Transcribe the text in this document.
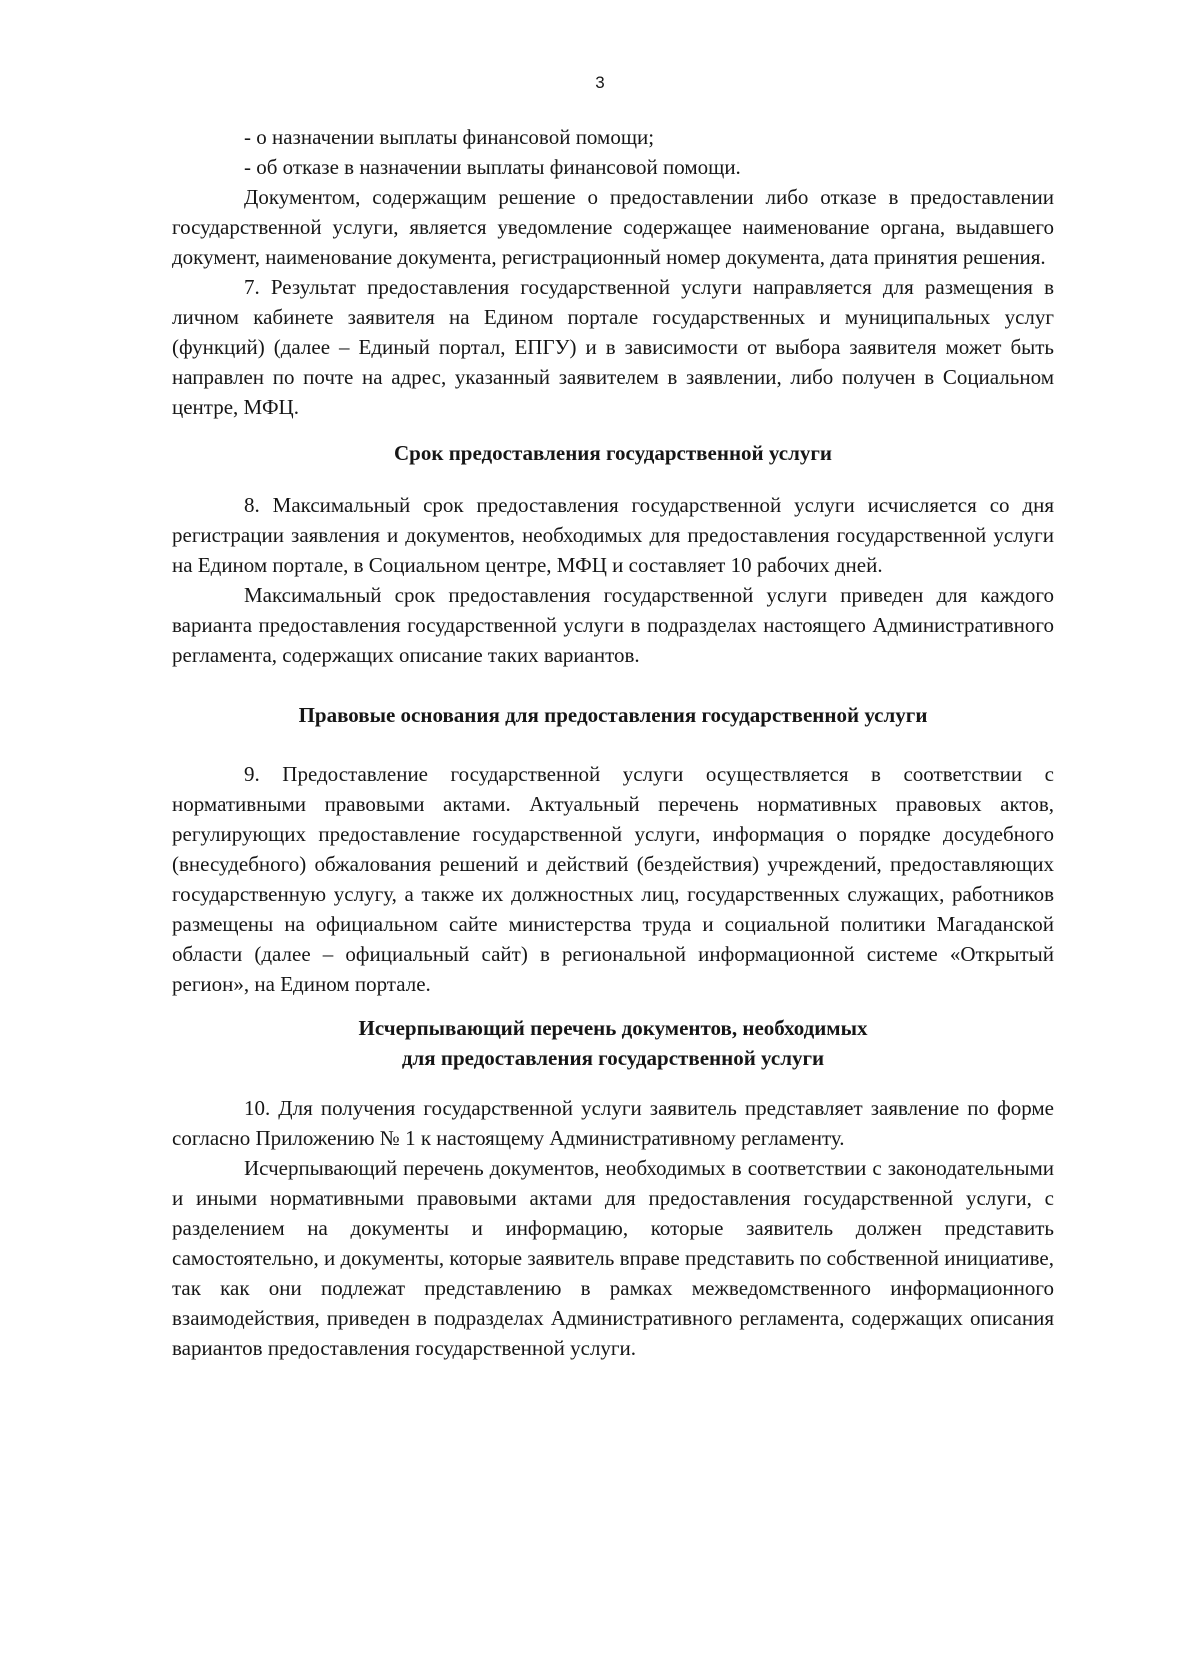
3

- о назначении выплаты финансовой помощи;

- об отказе в назначении выплаты финансовой помощи.

Документом, содержащим решение о предоставлении либо отказе в предоставлении государственной услуги, является уведомление содержащее наименование органа, выдавшего документ, наименование документа, регистрационный номер документа, дата принятия решения.

7. Результат предоставления государственной услуги направляется для размещения в личном кабинете заявителя на Едином портале государственных и муниципальных услуг (функций) (далее – Единый портал, ЕПГУ) и в зависимости от выбора заявителя может быть направлен по почте на адрес, указанный заявителем в заявлении, либо получен в Социальном центре, МФЦ.

Срок предоставления государственной услуги

8. Максимальный срок предоставления государственной услуги исчисляется со дня регистрации заявления и документов, необходимых для предоставления государственной услуги на Едином портале, в Социальном центре, МФЦ и составляет 10 рабочих дней.

Максимальный срок предоставления государственной услуги приведен для каждого варианта предоставления государственной услуги в подразделах настоящего Административного регламента, содержащих описание таких вариантов.

Правовые основания для предоставления государственной услуги

9. Предоставление государственной услуги осуществляется в соответствии с нормативными правовыми актами. Актуальный перечень нормативных правовых актов, регулирующих предоставление государственной услуги, информация о порядке досудебного (внесудебного) обжалования решений и действий (бездействия) учреждений, предоставляющих государственную услугу, а также их должностных лиц, государственных служащих, работников размещены на официальном сайте министерства труда и социальной политики Магаданской области (далее – официальный сайт) в региональной информационной системе «Открытый регион», на Едином портале.

Исчерпывающий перечень документов, необходимых
для предоставления государственной услуги

10. Для получения государственной услуги заявитель представляет заявление по форме согласно Приложению № 1 к настоящему Административному регламенту.

Исчерпывающий перечень документов, необходимых в соответствии с законодательными и иными нормативными правовыми актами для предоставления государственной услуги, с разделением на документы и информацию, которые заявитель должен представить самостоятельно, и документы, которые заявитель вправе представить по собственной инициативе, так как они подлежат представлению в рамках межведомственного информационного взаимодействия, приведен в подразделах Административного регламента, содержащих описания вариантов предоставления государственной услуги.
